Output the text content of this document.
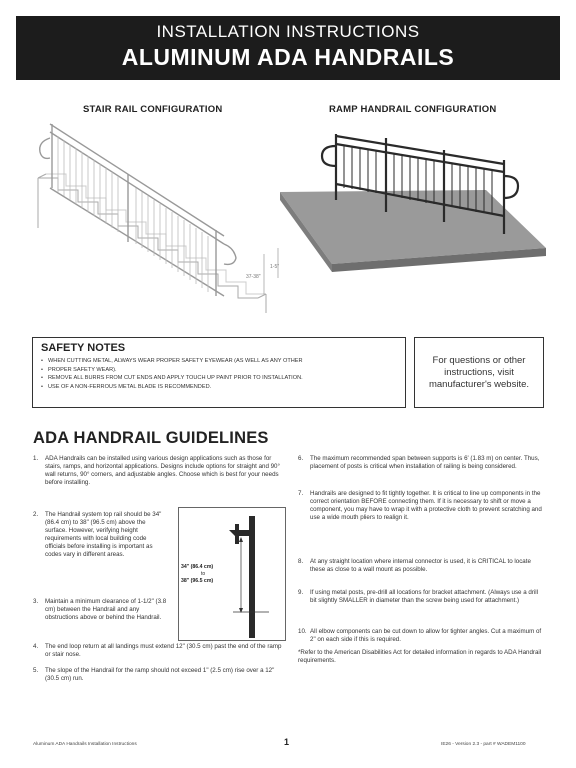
INSTALLATION INSTRUCTIONS
ALUMINUM ADA HANDRAILS
STAIR RAIL CONFIGURATION	RAMP HANDRAIL CONFIGURATION
37-38"
1-5"
SAFETY NOTES
• WHEN CUTTING METAL, ALWAYS WEAR PROPER SAFETY EYEWEAR (AS WELL AS ANY OTHER
• PROPER SAFETY WEAR).
• REMOVE ALL BURRS FROM CUT ENDS AND APPLY TOUCH UP PAINT PRIOR TO INSTALLATION.
• USE OF A NON-FERROUS METAL BLADE IS RECOMMENDED.
For questions or other instructions, visit manufacturer's website.
ADA HANDRAIL GUIDELINES
1. ADA Handrails can be installed using various design applications such as those for stairs, ramps, and horizontal applications. Designs include options for straight and 90° wall returns, 90° corners, and adjustable angles. Choose which is best for your needs before installing.
2. The Handrail system top rail should be 34" (86.4 cm) to 38" (96.5 cm) above the surface. However, verifying height requirements with local building code officials before installing is important as codes vary in different areas.
3. Maintain a minimum clearance of 1-1/2" (3.8 cm) between the Handrail and any obstructions above or behind the Handrail.
4. The end loop return at all landings must extend 12" (30.5 cm) past the end of the ramp or stair nose.
5. The slope of the Handrail for the ramp should not exceed 1" (2.5 cm) rise over a 12" (30.5 cm) run.
34" (86.4 cm)
to
38" (96.5 cm)
6. The maximum recommended span between supports is 6' (1.83 m) on center. Thus, placement of posts is critical when installation of railing is being considered.
7. Handrails are designed to fit tightly together. It is critical to line up components in the correct orientation BEFORE connecting them. If it is necessary to shift or move a component, you may have to wrap it with a protective cloth to prevent scratching and use a wide mouth pliers to realign it.
8. At any straight location where internal connector is used, it is CRITICAL to locate these as close to a wall mount as possible.
9. If using metal posts, pre-drill all locations for bracket attachment. (Always use a drill bit slightly SMALLER in diameter than the screw being used for attachment.)
10. All elbow components can be cut down to allow for tighter angles. Cut a maximum of 2" on each side if this is required.
*Refer to the American Disabilities Act for detailed information in regards to ADA Handrail requirements.
Aluminum ADA Handrails Installation Instructions	1	IE26 - Version 2.3 - part # WADEM1100
